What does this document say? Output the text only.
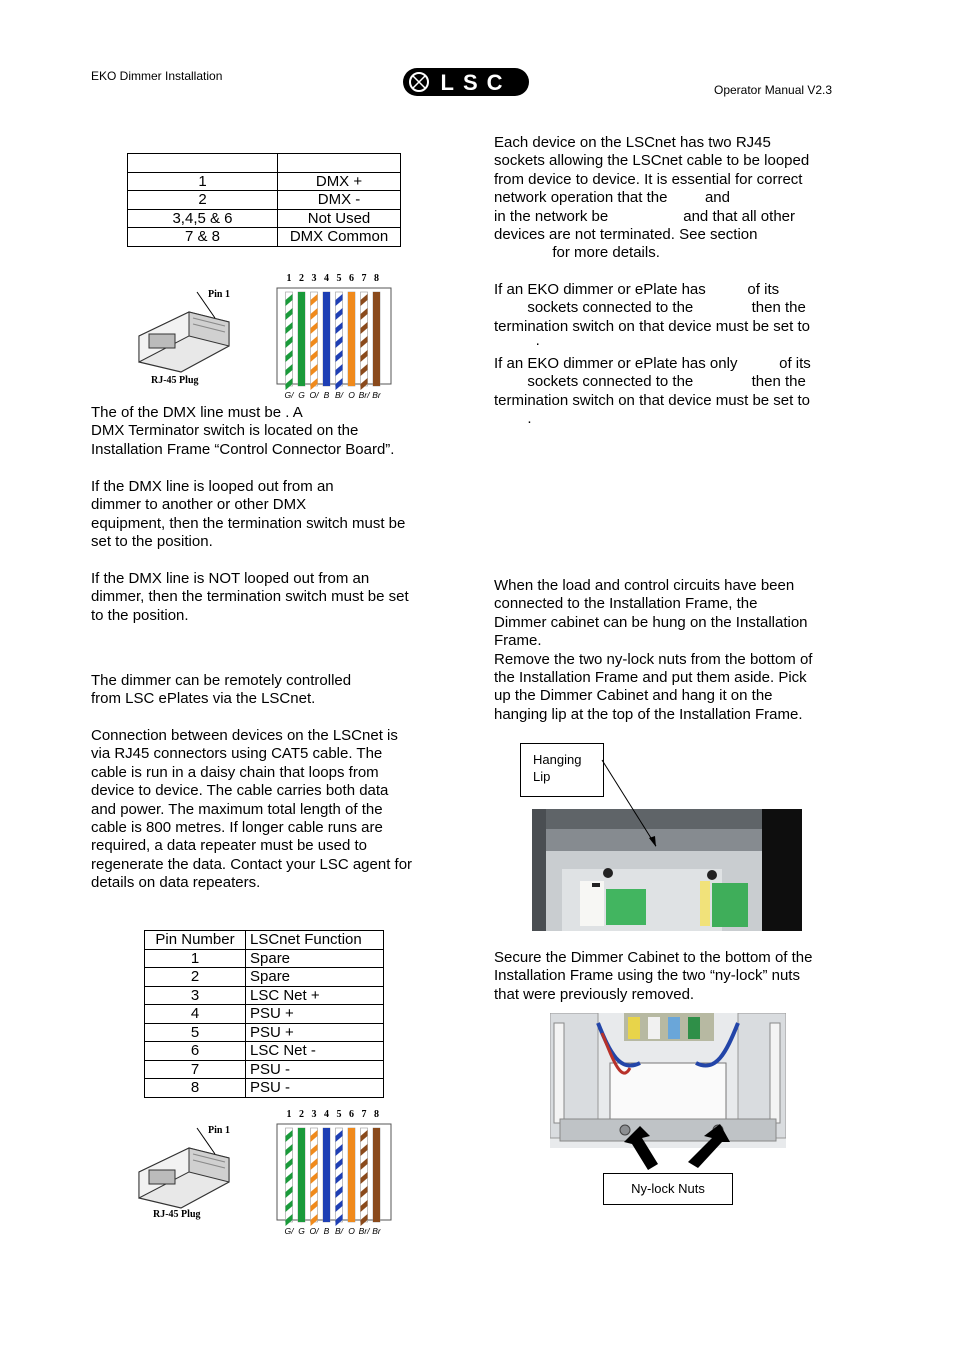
EKO Dimmer Installation
Operator Manual V2.3
LSC

1	DMX +
2	DMX -
3,4,5 & 6	Not Used
7 & 8	DMX Common
Pin 1
RJ-45 Plug
1
G/
2
G
3
O/
4
B
5
B/
6
O
7
Br/
8
Br

The of the DMX line must be . A

DMX Terminator switch is located on the

Installation Frame “Control Connector Board”.

If the DMX line is looped out from an

dimmer to another or other DMX

equipment, then the termination switch must be

set to the position.

If the DMX line is NOT looped out from an

dimmer, then the termination switch must be set

to the position.

The dimmer can be remotely controlled

from LSC ePlates via the LSCnet.

Connection between devices on the LSCnet is

via RJ45 connectors using CAT5 cable. The

cable is run in a daisy chain that loops from

device to device. The cable carries both data

and power. The maximum total length of the

cable is 800 metres. If longer cable runs are

required, a data repeater must be used to

regenerate the data. Contact your LSC agent for

details on data repeaters.

Pin Number	LSCnet Function
1	Spare
2	Spare
3	LSC Net +
4	PSU +
5	PSU +
6	LSC Net -
7	PSU -
8	PSU -
Pin 1
RJ-45 Plug
1
G/
2
G
3
O/
4
B
5
B/
6
O
7
Br/
8
Br

Each device on the LSCnet has two RJ45

sockets allowing the LSCnet cable to be looped

from device to device. It is essential for correct

network operation that the         and

in the network be                  and that all other

devices are not terminated. See section

for more details.

If an EKO dimmer or ePlate has          of its

sockets connected to the              then the

termination switch on that device must be set to

.

If an EKO dimmer or ePlate has only          of its

sockets connected to the              then the

termination switch on that device must be set to

.

When the load and control circuits have been

connected to the Installation Frame, the

Dimmer cabinet can be hung on the Installation

Frame.

Remove the two ny-lock nuts from the bottom of

the Installation Frame and put them aside. Pick

up the Dimmer Cabinet and hang it on the

hanging lip at the top of the Installation Frame.

Hanging
Lip

Secure the Dimmer Cabinet to the bottom of the

Installation Frame using the two “ny-lock” nuts

that were previously removed.

Ny-lock Nuts
